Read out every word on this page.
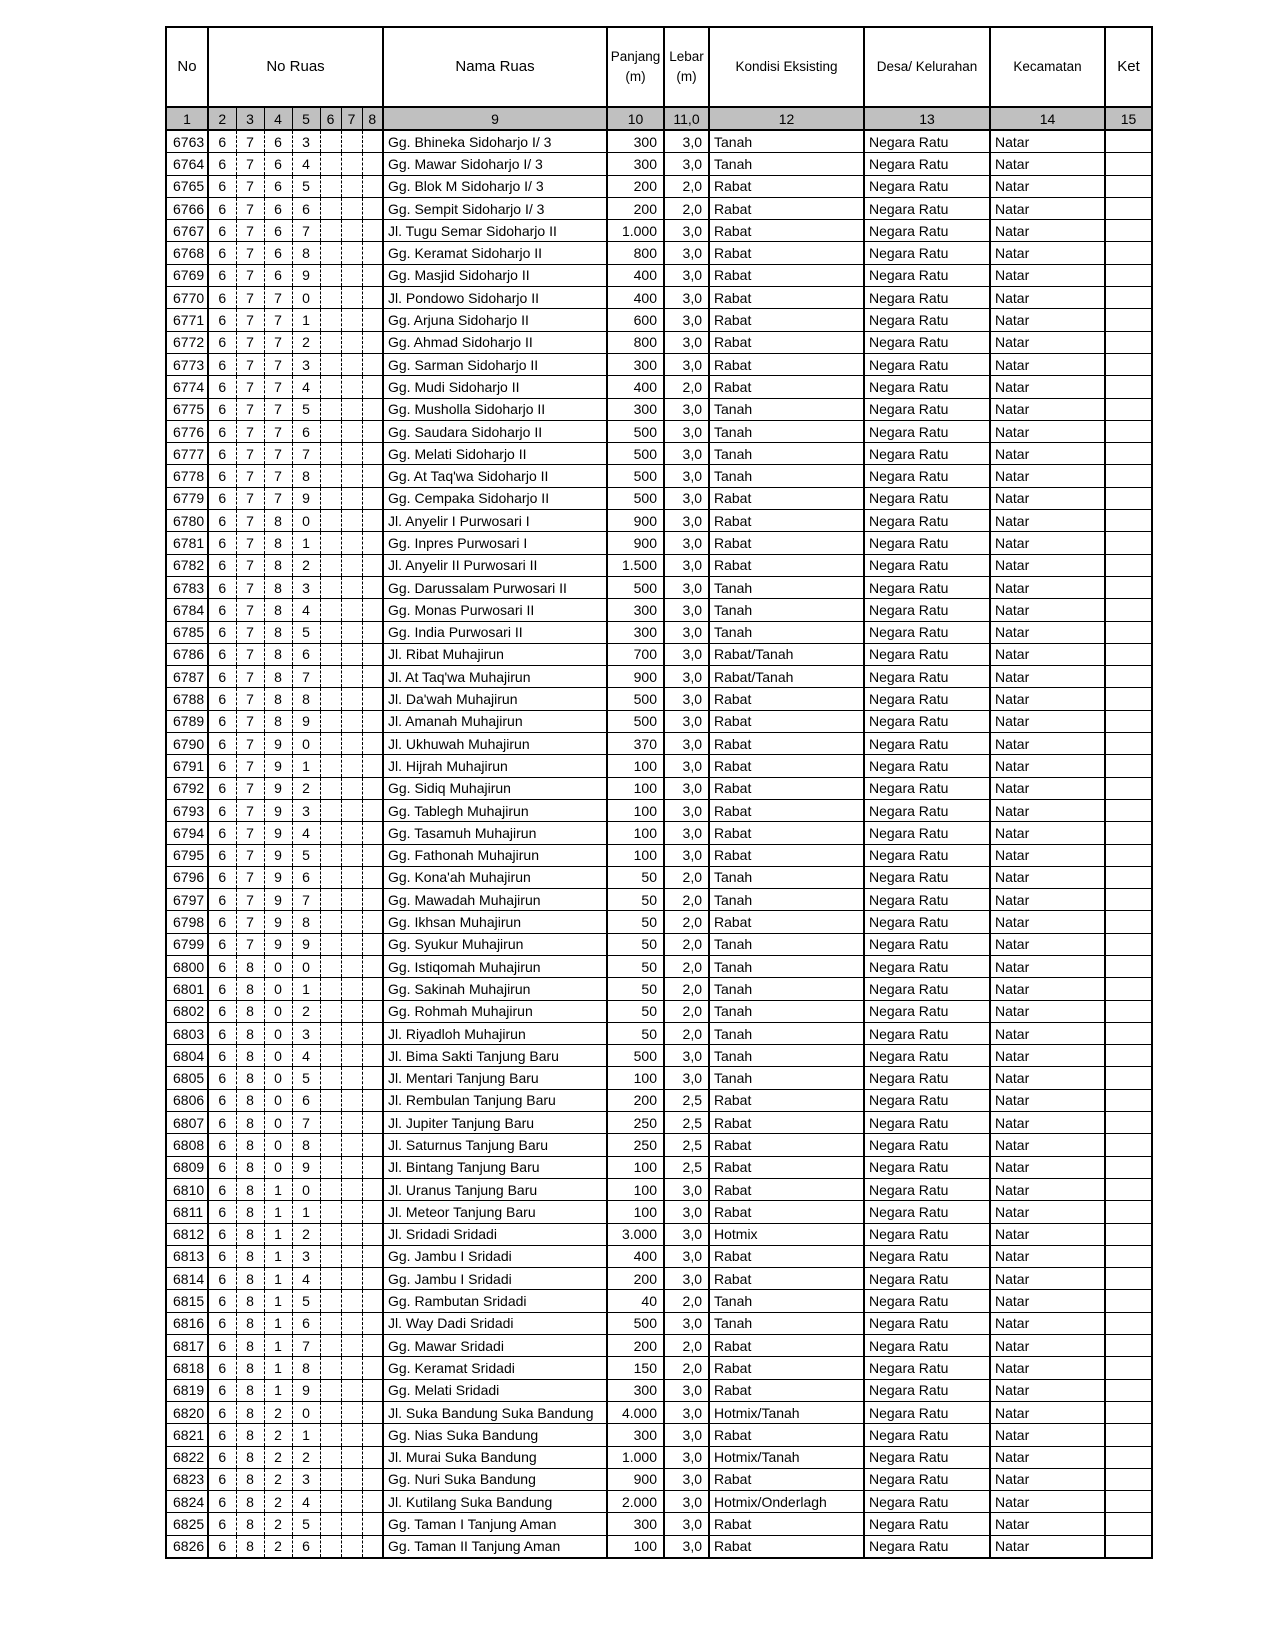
No	No Ruas							Nama Ruas	Panjang (m)	Lebar (m)	Kondisi Eksisting	Desa/ Kelurahan	Kecamatan	Ket
1	2	3	4	5	6	7	8	9	10	11,0	12	13	14	15
6763	6	7	6	3				Gg. Bhineka Sidoharjo I/ 3	300	3,0	Tanah	Negara Ratu	Natar	
6764	6	7	6	4				Gg. Mawar Sidoharjo I/ 3	300	3,0	Tanah	Negara Ratu	Natar	
6765	6	7	6	5				Gg. Blok M Sidoharjo I/ 3	200	2,0	Rabat	Negara Ratu	Natar	
6766	6	7	6	6				Gg. Sempit Sidoharjo I/ 3	200	2,0	Rabat	Negara Ratu	Natar	
6767	6	7	6	7				Jl. Tugu Semar Sidoharjo II	1.000	3,0	Rabat	Negara Ratu	Natar	
6768	6	7	6	8				Gg. Keramat Sidoharjo II	800	3,0	Rabat	Negara Ratu	Natar	
6769	6	7	6	9				Gg. Masjid Sidoharjo II	400	3,0	Rabat	Negara Ratu	Natar	
6770	6	7	7	0				Jl. Pondowo Sidoharjo II	400	3,0	Rabat	Negara Ratu	Natar	
6771	6	7	7	1				Gg. Arjuna Sidoharjo II	600	3,0	Rabat	Negara Ratu	Natar	
6772	6	7	7	2				Gg. Ahmad Sidoharjo II	800	3,0	Rabat	Negara Ratu	Natar	
6773	6	7	7	3				Gg. Sarman Sidoharjo II	300	3,0	Rabat	Negara Ratu	Natar	
6774	6	7	7	4				Gg. Mudi Sidoharjo II	400	2,0	Rabat	Negara Ratu	Natar	
6775	6	7	7	5				Gg. Musholla Sidoharjo II	300	3,0	Tanah	Negara Ratu	Natar	
6776	6	7	7	6				Gg. Saudara Sidoharjo II	500	3,0	Tanah	Negara Ratu	Natar	
6777	6	7	7	7				Gg. Melati Sidoharjo II	500	3,0	Tanah	Negara Ratu	Natar	
6778	6	7	7	8				Gg. At Taq'wa Sidoharjo II	500	3,0	Tanah	Negara Ratu	Natar	
6779	6	7	7	9				Gg. Cempaka Sidoharjo II	500	3,0	Rabat	Negara Ratu	Natar	
6780	6	7	8	0				Jl. Anyelir I Purwosari I	900	3,0	Rabat	Negara Ratu	Natar	
6781	6	7	8	1				Gg. Inpres Purwosari I	900	3,0	Rabat	Negara Ratu	Natar	
6782	6	7	8	2				Jl. Anyelir II Purwosari II	1.500	3,0	Rabat	Negara Ratu	Natar	
6783	6	7	8	3				Gg. Darussalam Purwosari II	500	3,0	Tanah	Negara Ratu	Natar	
6784	6	7	8	4				Gg. Monas Purwosari II	300	3,0	Tanah	Negara Ratu	Natar	
6785	6	7	8	5				Gg. India Purwosari II	300	3,0	Tanah	Negara Ratu	Natar	
6786	6	7	8	6				Jl. Ribat Muhajirun	700	3,0	Rabat/Tanah	Negara Ratu	Natar	
6787	6	7	8	7				Jl. At Taq'wa Muhajirun	900	3,0	Rabat/Tanah	Negara Ratu	Natar	
6788	6	7	8	8				Jl. Da'wah Muhajirun	500	3,0	Rabat	Negara Ratu	Natar	
6789	6	7	8	9				Jl. Amanah Muhajirun	500	3,0	Rabat	Negara Ratu	Natar	
6790	6	7	9	0				Jl. Ukhuwah Muhajirun	370	3,0	Rabat	Negara Ratu	Natar	
6791	6	7	9	1				Jl. Hijrah Muhajirun	100	3,0	Rabat	Negara Ratu	Natar	
6792	6	7	9	2				Gg. Sidiq Muhajirun	100	3,0	Rabat	Negara Ratu	Natar	
6793	6	7	9	3				Gg. Tablegh Muhajirun	100	3,0	Rabat	Negara Ratu	Natar	
6794	6	7	9	4				Gg. Tasamuh Muhajirun	100	3,0	Rabat	Negara Ratu	Natar	
6795	6	7	9	5				Gg. Fathonah Muhajirun	100	3,0	Rabat	Negara Ratu	Natar	
6796	6	7	9	6				Gg. Kona'ah Muhajirun	50	2,0	Tanah	Negara Ratu	Natar	
6797	6	7	9	7				Gg. Mawadah Muhajirun	50	2,0	Tanah	Negara Ratu	Natar	
6798	6	7	9	8				Gg. Ikhsan Muhajirun	50	2,0	Rabat	Negara Ratu	Natar	
6799	6	7	9	9				Gg. Syukur Muhajirun	50	2,0	Tanah	Negara Ratu	Natar	
6800	6	8	0	0				Gg. Istiqomah Muhajirun	50	2,0	Tanah	Negara Ratu	Natar	
6801	6	8	0	1				Gg. Sakinah Muhajirun	50	2,0	Tanah	Negara Ratu	Natar	
6802	6	8	0	2				Gg. Rohmah Muhajirun	50	2,0	Tanah	Negara Ratu	Natar	
6803	6	8	0	3				Jl. Riyadloh Muhajirun	50	2,0	Tanah	Negara Ratu	Natar	
6804	6	8	0	4				Jl. Bima Sakti Tanjung Baru	500	3,0	Tanah	Negara Ratu	Natar	
6805	6	8	0	5				Jl. Mentari Tanjung Baru	100	3,0	Tanah	Negara Ratu	Natar	
6806	6	8	0	6				Jl. Rembulan Tanjung Baru	200	2,5	Rabat	Negara Ratu	Natar	
6807	6	8	0	7				Jl. Jupiter Tanjung Baru	250	2,5	Rabat	Negara Ratu	Natar	
6808	6	8	0	8				Jl. Saturnus Tanjung Baru	250	2,5	Rabat	Negara Ratu	Natar	
6809	6	8	0	9				Jl. Bintang Tanjung Baru	100	2,5	Rabat	Negara Ratu	Natar	
6810	6	8	1	0				Jl. Uranus Tanjung Baru	100	3,0	Rabat	Negara Ratu	Natar	
6811	6	8	1	1				Jl. Meteor Tanjung Baru	100	3,0	Rabat	Negara Ratu	Natar	
6812	6	8	1	2				Jl. Sridadi Sridadi	3.000	3,0	Hotmix	Negara Ratu	Natar	
6813	6	8	1	3				Gg. Jambu I Sridadi	400	3,0	Rabat	Negara Ratu	Natar	
6814	6	8	1	4				Gg. Jambu I Sridadi	200	3,0	Rabat	Negara Ratu	Natar	
6815	6	8	1	5				Gg. Rambutan Sridadi	40	2,0	Tanah	Negara Ratu	Natar	
6816	6	8	1	6				Jl. Way Dadi Sridadi	500	3,0	Tanah	Negara Ratu	Natar	
6817	6	8	1	7				Gg. Mawar Sridadi	200	2,0	Rabat	Negara Ratu	Natar	
6818	6	8	1	8				Gg. Keramat Sridadi	150	2,0	Rabat	Negara Ratu	Natar	
6819	6	8	1	9				Gg. Melati Sridadi	300	3,0	Rabat	Negara Ratu	Natar	
6820	6	8	2	0				Jl. Suka Bandung Suka Bandung	4.000	3,0	Hotmix/Tanah	Negara Ratu	Natar	
6821	6	8	2	1				Gg. Nias Suka Bandung	300	3,0	Rabat	Negara Ratu	Natar	
6822	6	8	2	2				Jl. Murai Suka Bandung	1.000	3,0	Hotmix/Tanah	Negara Ratu	Natar	
6823	6	8	2	3				Gg. Nuri Suka Bandung	900	3,0	Rabat	Negara Ratu	Natar	
6824	6	8	2	4				Jl. Kutilang Suka Bandung	2.000	3,0	Hotmix/Onderlagh	Negara Ratu	Natar	
6825	6	8	2	5				Gg. Taman I Tanjung Aman	300	3,0	Rabat	Negara Ratu	Natar	
6826	6	8	2	6				Gg. Taman II Tanjung Aman	100	3,0	Rabat	Negara Ratu	Natar	
